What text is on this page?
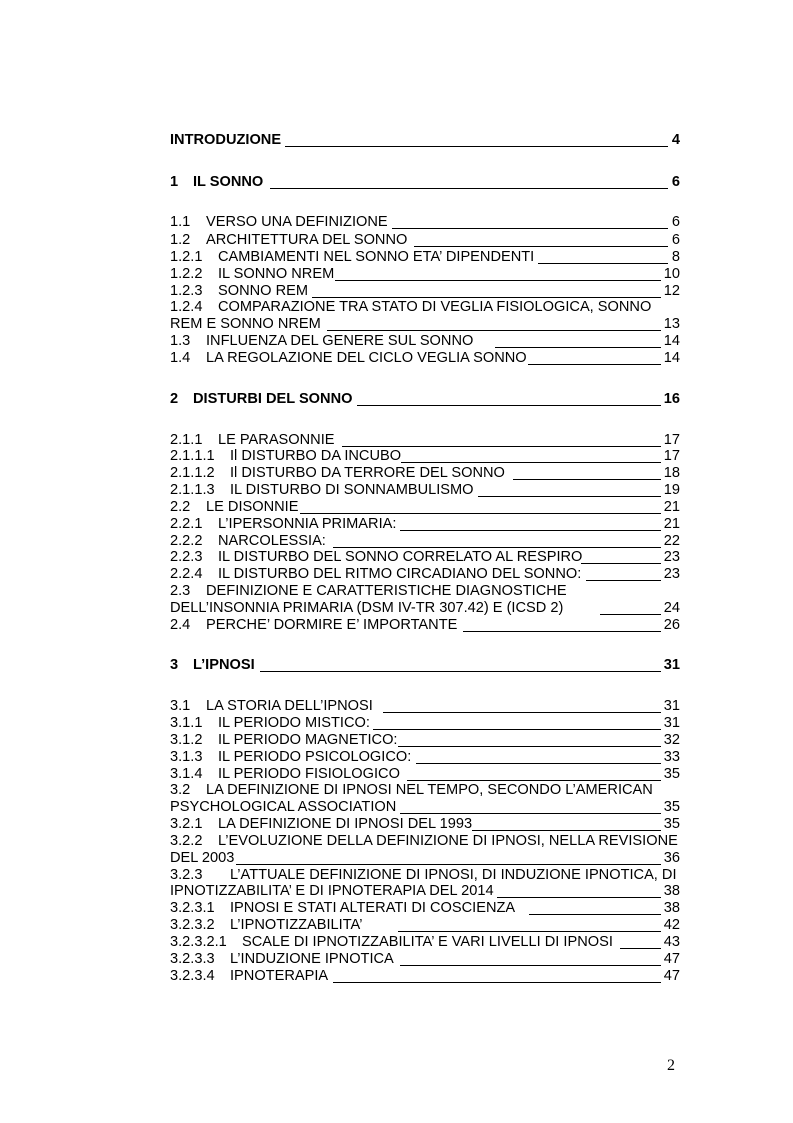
INTRODUZIONE	4
1 IL SONNO	6
1.1 VERSO UNA DEFINIZIONE	6
1.2 ARCHITETTURA DEL SONNO	6
1.2.1 CAMBIAMENTI NEL SONNO ETA’ DIPENDENTI	8
1.2.2 IL SONNO NREM	10
1.2.3 SONNO REM	12
1.2.4 COMPARAZIONE TRA STATO DI VEGLIA FISIOLOGICA, SONNO
REM E SONNO NREM	13
1.3 INFLUENZA DEL GENERE SUL SONNO	14
1.4 LA REGOLAZIONE DEL CICLO VEGLIA SONNO	14
2 DISTURBI DEL SONNO	16
2.1.1 LE PARASONNIE	17
2.1.1.1 Il DISTURBO DA INCUBO	17
2.1.1.2 Il DISTURBO DA TERRORE DEL SONNO	18
2.1.1.3 IL DISTURBO DI SONNAMBULISMO	19
2.2 LE DISONNIE	21
2.2.1 L’IPERSONNIA PRIMARIA:	21
2.2.2 NARCOLESSIA:	22
2.2.3 IL DISTURBO DEL SONNO CORRELATO AL RESPIRO	23
2.2.4 IL DISTURBO DEL RITMO CIRCADIANO DEL SONNO:	23
2.3 DEFINIZIONE E CARATTERISTICHE DIAGNOSTICHE
DELL’INSONNIA PRIMARIA (DSM IV-TR 307.42) E (ICSD 2)	24
2.4 PERCHE’ DORMIRE E’ IMPORTANTE	26
3 L’IPNOSI	31
3.1 LA STORIA DELL’IPNOSI	31
3.1.1 IL PERIODO MISTICO:	31
3.1.2 IL PERIODO MAGNETICO:	32
3.1.3 IL PERIODO PSICOLOGICO:	33
3.1.4 IL PERIODO FISIOLOGICO	35
3.2 LA DEFINIZIONE DI IPNOSI NEL TEMPO, SECONDO L’AMERICAN
PSYCHOLOGICAL ASSOCIATION	35
3.2.1 LA DEFINIZIONE DI IPNOSI DEL 1993	35
3.2.2 L’EVOLUZIONE DELLA DEFINIZIONE DI IPNOSI, NELLA REVISIONE
DEL 2003	36
3.2.3 L’ATTUALE DEFINIZIONE DI IPNOSI, DI INDUZIONE IPNOTICA, DI
IPNOTIZZABILITA’ E DI IPNOTERAPIA DEL 2014	38
3.2.3.1 IPNOSI E STATI ALTERATI DI COSCIENZA	38
3.2.3.2 L’IPNOTIZZABILITA’	42
3.2.3.2.1 SCALE DI IPNOTIZZABILITA’ E VARI LIVELLI DI IPNOSI	43
3.2.3.3 L’INDUZIONE IPNOTICA	47
3.2.3.4 IPNOTERAPIA	47
2
